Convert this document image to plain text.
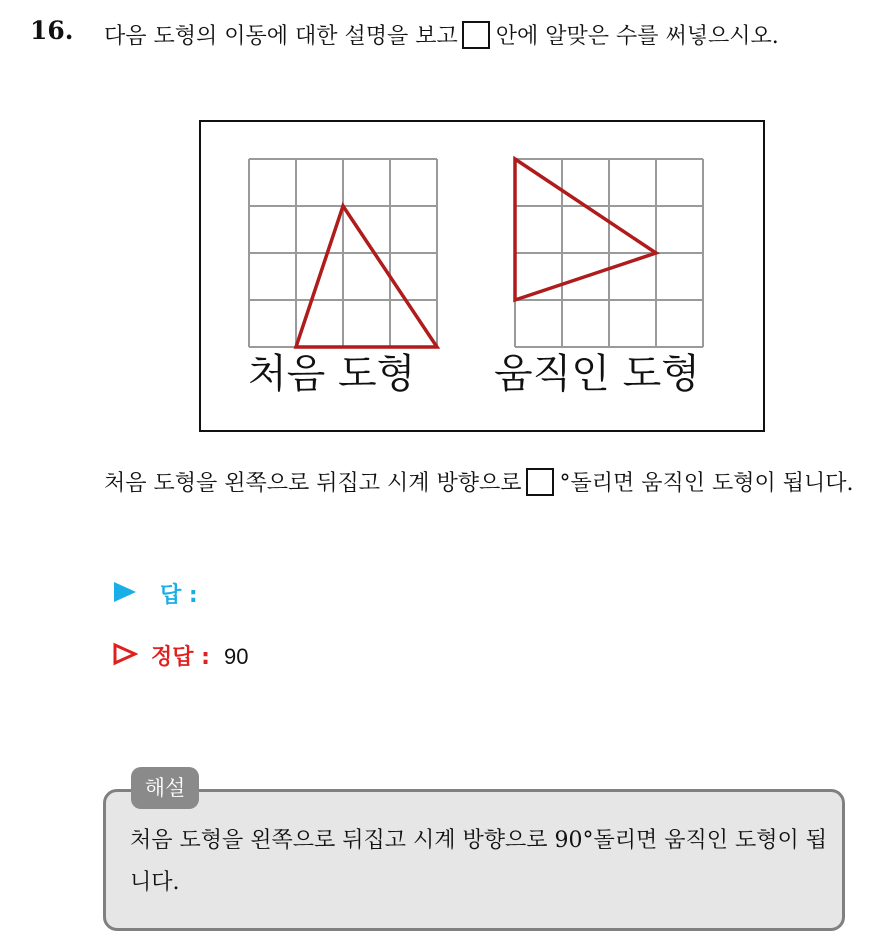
16. 다음 도형의 이동에 대한 설명을 보고 안에 알맞은 수를 써넣으시오.
처음 도형 움직인 도형
처음 도형을 왼쪽으로 뒤집고 시계 방향으로 °돌리면 움직인 도형이 됩니다.
답 :
정답 : 90
해설
처음 도형을 왼쪽으로 뒤집고 시계 방향으로 90°돌리면 움직인 도형이 됩니다.
